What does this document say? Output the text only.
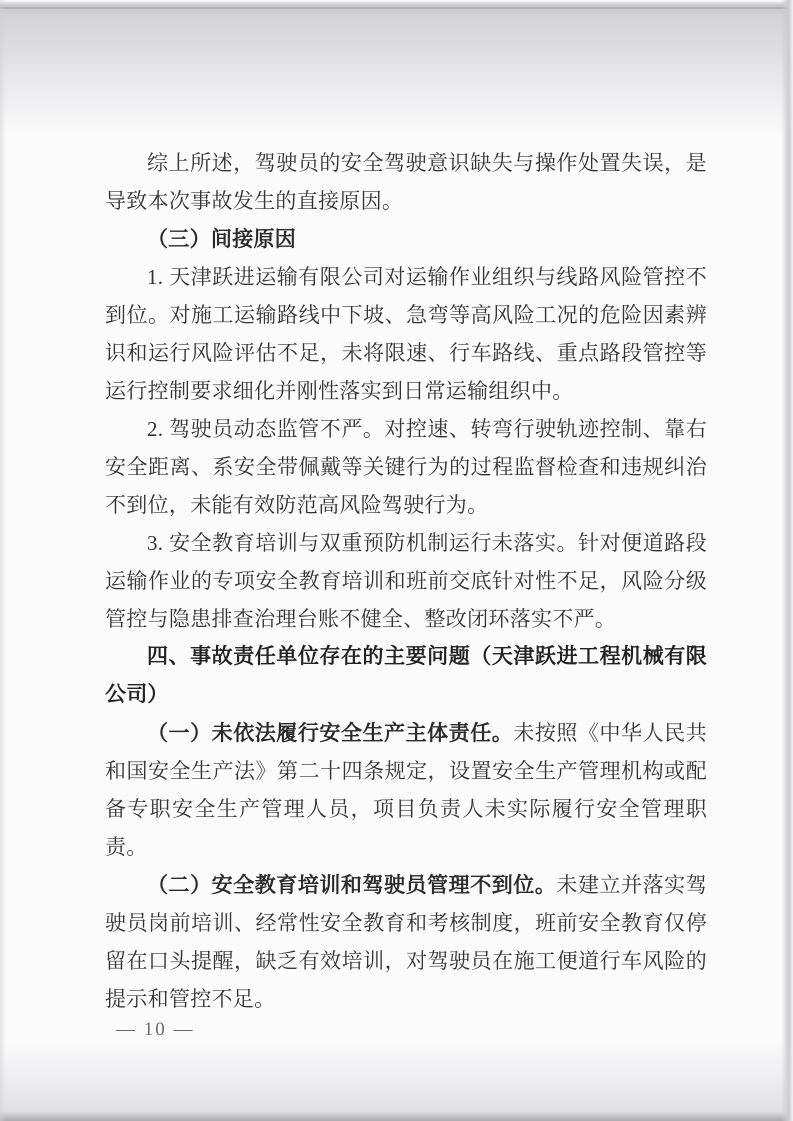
综上所述，驾驶员的安全驾驶意识缺失与操作处置失误，是导致本次事故发生的直接原因。

（三）间接原因

1. 天津跃进运输有限公司对运输作业组织与线路风险管控不到位。对施工运输路线中下坡、急弯等高风险工况的危险因素辨识和运行风险评估不足，未将限速、行车路线、重点路段管控等运行控制要求细化并刚性落实到日常运输组织中。

2. 驾驶员动态监管不严。对控速、转弯行驶轨迹控制、靠右安全距离、系安全带佩戴等关键行为的过程监督检查和违规纠治不到位，未能有效防范高风险驾驶行为。

3. 安全教育培训与双重预防机制运行未落实。针对便道路段运输作业的专项安全教育培训和班前交底针对性不足，风险分级管控与隐患排查治理台账不健全、整改闭环落实不严。

四、事故责任单位存在的主要问题（天津跃进工程机械有限公司）

（一）未依法履行安全生产主体责任。未按照《中华人民共和国安全生产法》第二十四条规定，设置安全生产管理机构或配备专职安全生产管理人员，项目负责人未实际履行安全管理职责。

（二）安全教育培训和驾驶员管理不到位。未建立并落实驾驶员岗前培训、经常性安全教育和考核制度，班前安全教育仅停留在口头提醒，缺乏有效培训，对驾驶员在施工便道行车风险的提示和管控不足。

— 10 —
